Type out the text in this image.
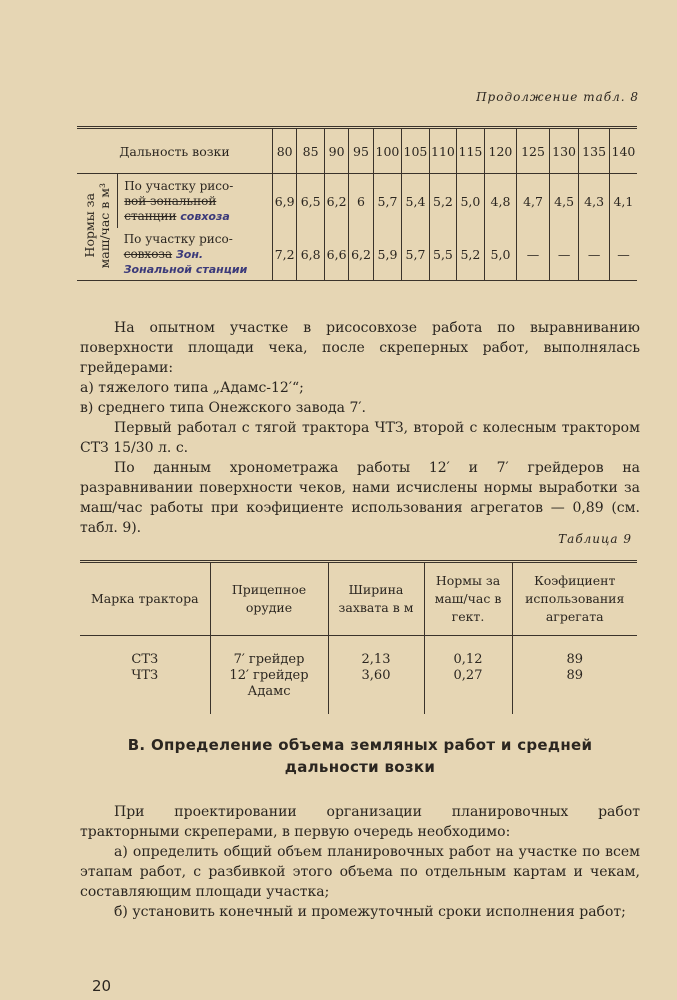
Продолжение табл. 8
Дальность возки		80	85	90	95	100	105	110	115	120	125	130	135	140
Нормы за
маш/час в м³	По участку рисо-
вой зональной
станции совхоза	6,9	6,5	6,2	6	5,7	5,4	5,2	5,0	4,8	4,7	4,5	4,3	4,1
	По участку рисо-
совхоза Зон.
Зональной станции	7,2	6,8	6,6	6,2	5,9	5,7	5,5	5,2	5,0	—	—	—	—

На опытном участке в рисосовхозе работа по выравниванию поверхности площади чека, после скреперных работ, выполнялась грейдерами:

а) тяжелого типа „Адамс-12′“;

в) среднего типа Онежского завода 7′.

Первый работал с тягой трактора ЧТЗ, второй с колесным трактором СТЗ 15/30 л. с.

По данным хронометража работы 12′ и 7′ грейдеров на разравнивании поверхности чеков, нами исчислены нормы выработки за маш/час работы при коэфициенте использования агрегатов — 0,89 (см. табл. 9).

Таблица 9
Марка трактора	Прицепное орудие	Ширина захвата в м	Нормы за маш/час в гект.	Коэфициент использования агрегата
СТЗ	7′ грейдер	2,13	0,12	89
ЧТЗ	12′ грейдер Адамс	3,60	0,27	89
В. Определение объема земляных работ и средней дальности возки

При проектировании организации планировочных работ тракторными скреперами, в первую очередь необходимо:

а) определить общий объем планировочных работ на участке по всем этапам работ, с разбивкой этого объема по отдельным картам и чекам, составляющим площади участка;

б) установить конечный и промежуточный сроки исполнения работ;

20
